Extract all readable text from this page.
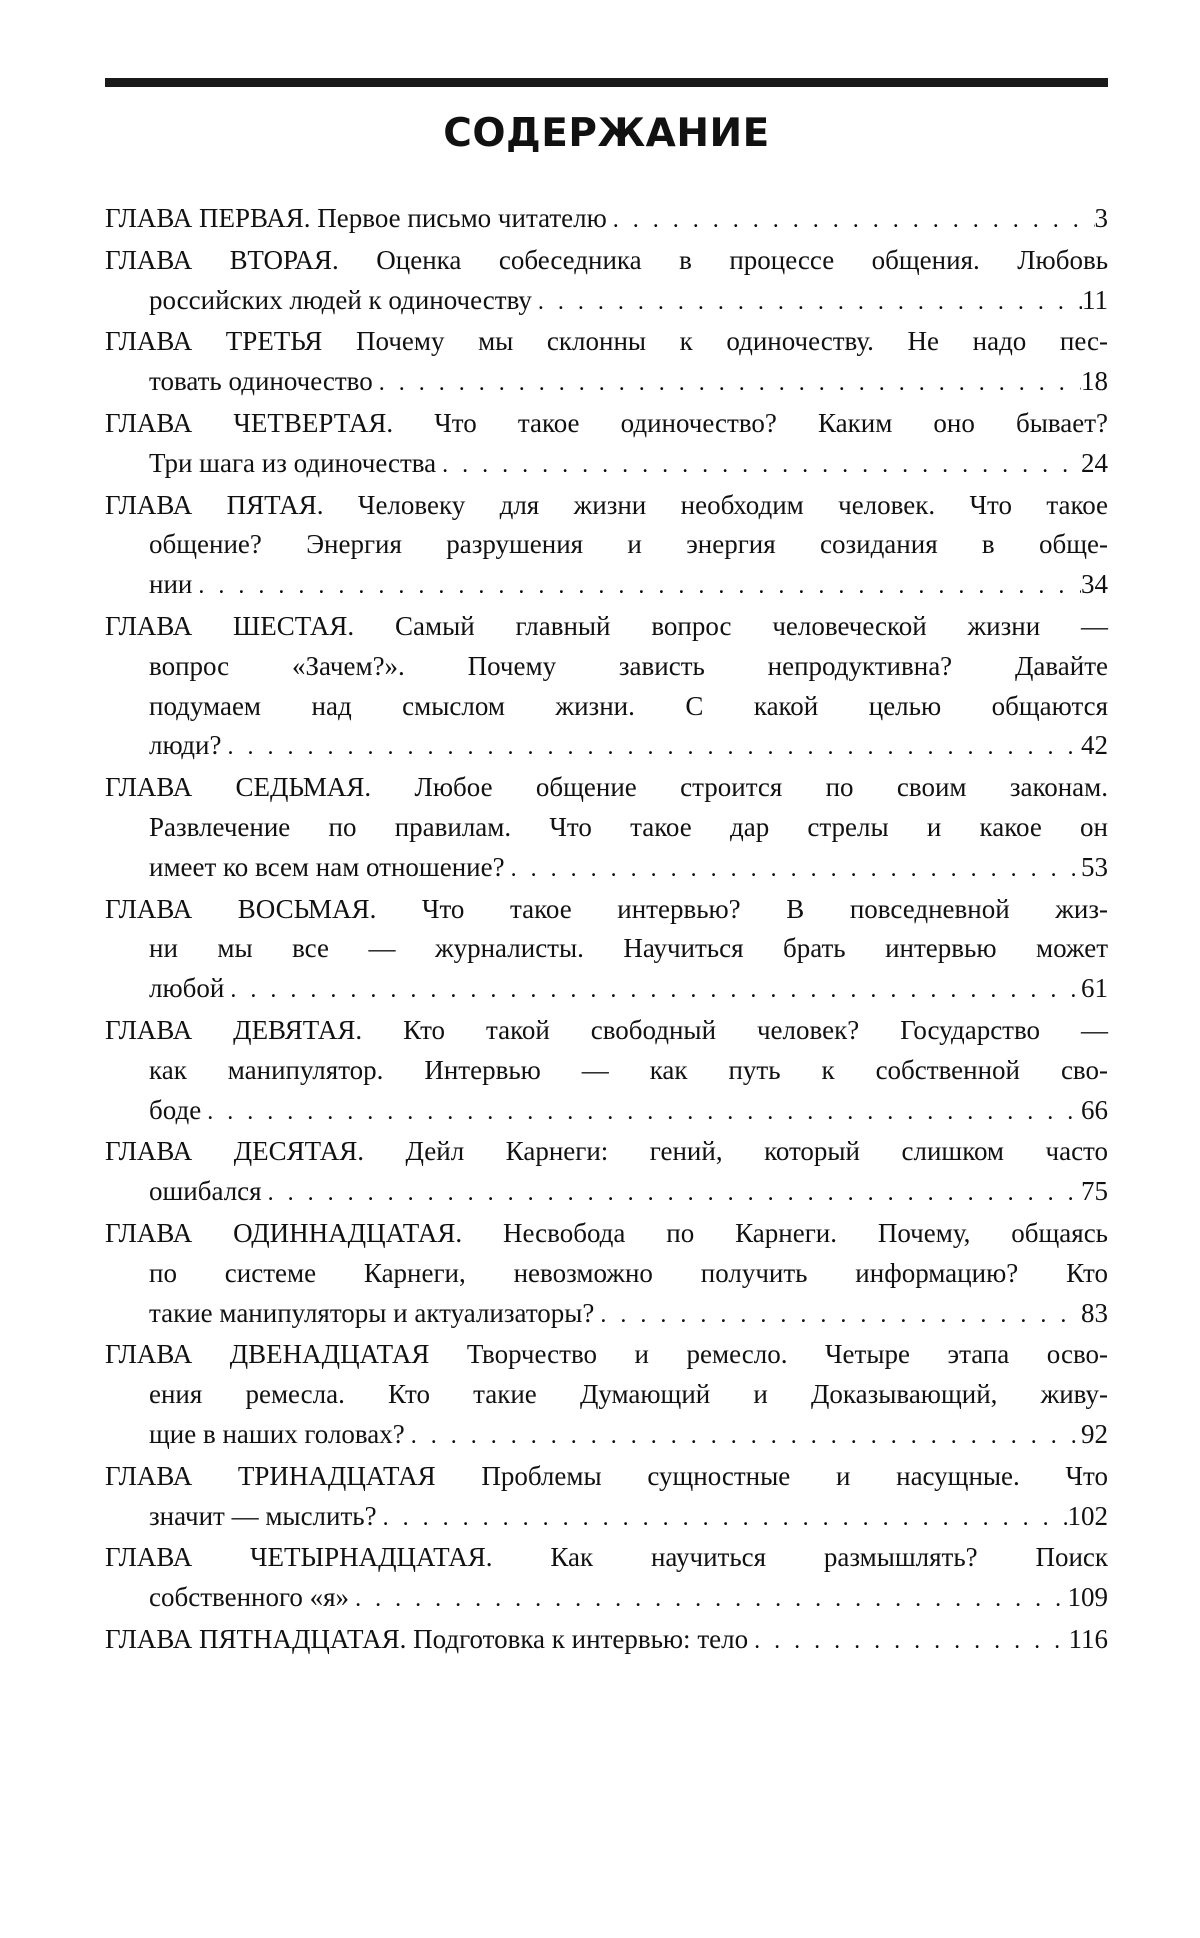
СОДЕРЖАНИЕ
ГЛАВА ПЕРВАЯ. Первое письмо читателю . . .	3
ГЛАВА ВТОРАЯ. Оценка собеседника в процессе общения. Любовь
российских людей к одиночеству . . .	11
ГЛАВА ТРЕТЬЯ Почему мы склонны к одиночеству. Не надо пес-
товать одиночество . . .	18
ГЛАВА ЧЕТВЕРТАЯ. Что такое одиночество? Каким оно бывает?
Три шага из одиночества . . .	24
ГЛАВА ПЯТАЯ. Человеку для жизни необходим человек. Что такое
общение? Энергия разрушения и энергия созидания в обще-
нии . . .	34
ГЛАВА ШЕСТАЯ. Самый главный вопрос человеческой жизни —
вопрос «Зачем?». Почему зависть непродуктивна? Давайте
подумаем над смыслом жизни. С какой целью общаются
люди? . . .	42
ГЛАВА СЕДЬМАЯ. Любое общение строится по своим законам.
Развлечение по правилам. Что такое дар стрелы и какое он
имеет ко всем нам отношение? . . .	53
ГЛАВА ВОСЬМАЯ. Что такое интервью? В повседневной жиз-
ни мы все — журналисты. Научиться брать интервью может
любой . . .	61
ГЛАВА ДЕВЯТАЯ. Кто такой свободный человек? Государство —
как манипулятор. Интервью — как путь к собственной сво-
боде . . .	66
ГЛАВА ДЕСЯТАЯ. Дейл Карнеги: гений, который слишком часто
ошибался . . .	75
ГЛАВА ОДИННАДЦАТАЯ. Несвобода по Карнеги. Почему, общаясь
по системе Карнеги, невозможно получить информацию? Кто
такие манипуляторы и актуализаторы? . . .	83
ГЛАВА ДВЕНАДЦАТАЯ Творчество и ремесло. Четыре этапа осво-
ения ремесла. Кто такие Думающий и Доказывающий, живу-
щие в наших головах? . . .	92
ГЛАВА ТРИНАДЦАТАЯ Проблемы сущностные и насущные. Что
значит — мыслить? . . .	102
ГЛАВА ЧЕТЫРНАДЦАТАЯ. Как научиться размышлять? Поиск
собственного «я» . . .	109
ГЛАВА ПЯТНАДЦАТАЯ. Подготовка к интервью: тело . . .	116
